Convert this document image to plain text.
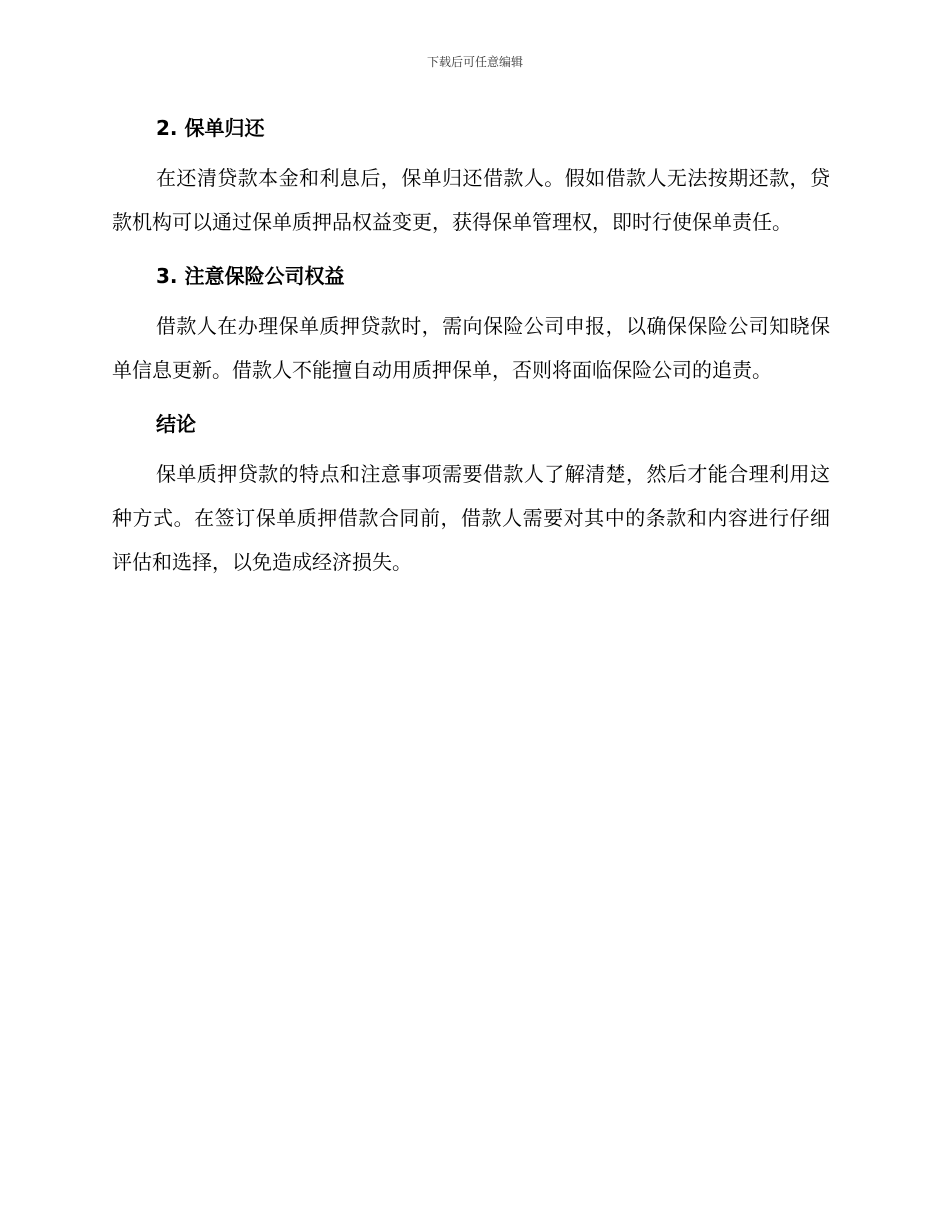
下载后可任意编辑
2. 保单归还

在还清贷款本金和利息后，保单归还借款人。假如借款人无法按期还款，贷款机构可以通过保单质押品权益变更，获得保单管理权，即时行使保单责任。

3. 注意保险公司权益

借款人在办理保单质押贷款时，需向保险公司申报，以确保保险公司知晓保单信息更新。借款人不能擅自动用质押保单，否则将面临保险公司的追责。

结论

保单质押贷款的特点和注意事项需要借款人了解清楚，然后才能合理利用这种方式。在签订保单质押借款合同前，借款人需要对其中的条款和内容进行仔细评估和选择，以免造成经济损失。
